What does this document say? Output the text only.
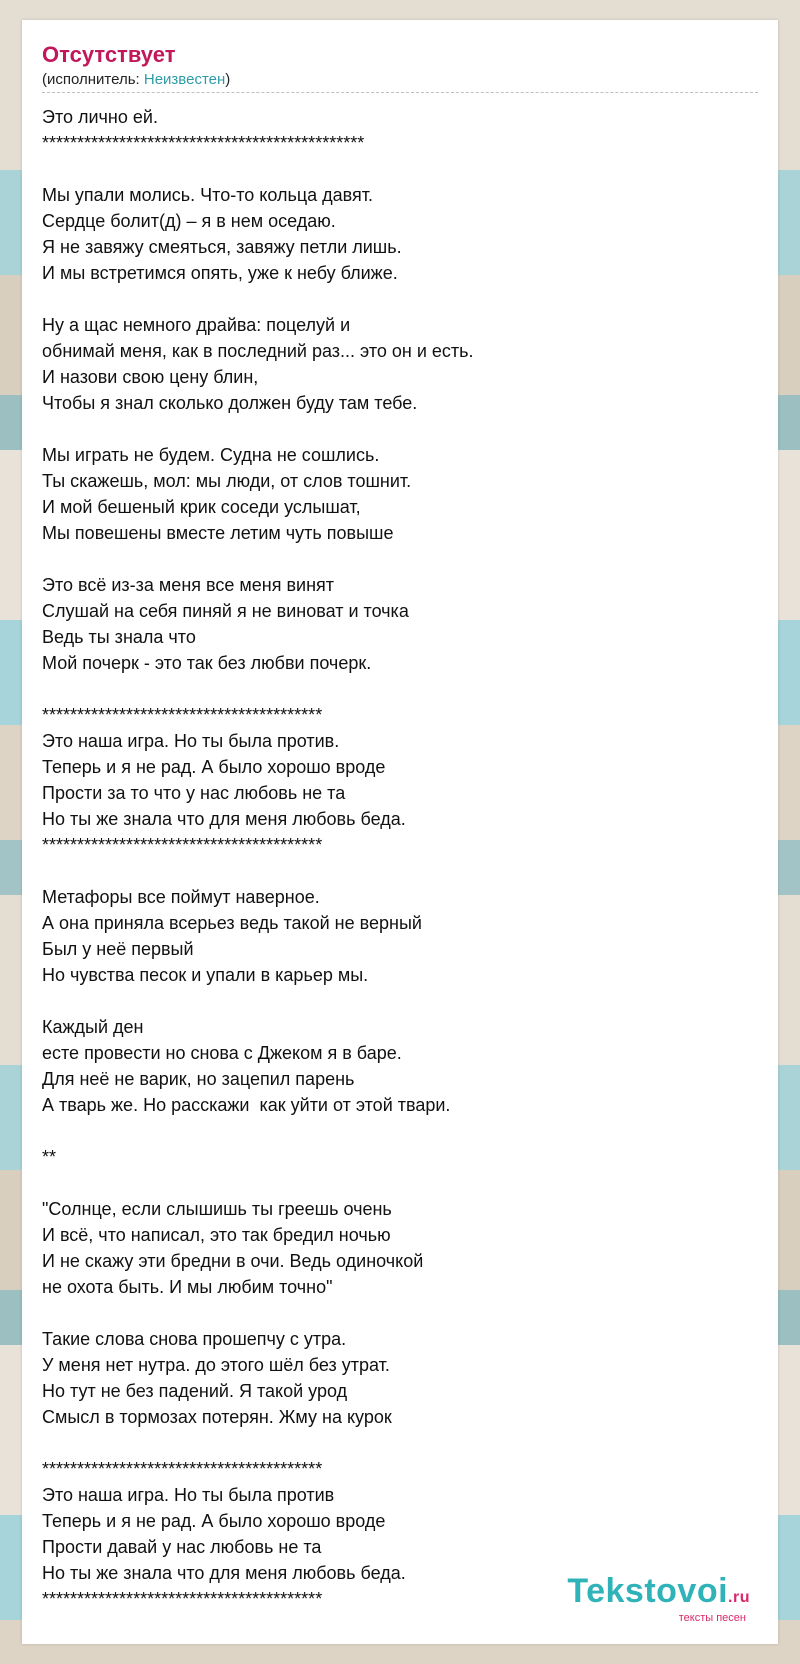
Отсутствует
(исполнитель: Неизвестен)
Это лично ей.
**********************************************
Мы упали молись. Что-то кольца давят.
Сердце болит(д) – я в нем оседаю.
Я не завяжу смеяться, завяжу петли лишь.
И мы встретимся опять, уже к небу ближе.
Ну а щас немного драйва: поцелуй и
обнимай меня, как в последний раз... это он и есть.
И назови свою цену блин,
Чтобы я знал сколько должен буду там тебе.
Мы играть не будем. Судна не сошлись.
Ты скажешь, мол: мы люди, от слов тошнит.
И мой бешеный крик соседи услышат,
Мы повешены вместе летим чуть повыше
Это всё из-за меня все меня винят
Слушай на себя пиняй я не виноват и точка
Ведь ты знала что
Мой почерк - это так без любви почерк.
****************************************
Это наша игра. Но ты была против.
Теперь и я не рад. А было хорошо вроде
Прости за то что у нас любовь не та
Но ты же знала что для меня любовь беда.
****************************************
Метафоры все поймут наверное.
А она приняла всерьез ведь такой не верный
Был у неё первый
Но чувства песок и упали в карьер мы.
Каждый ден
есте провести но снова с Джеком я в баре.
Для неё не варик, но зацепил парень
А тварь же. Но расскажи  как уйти от этой твари.
**
"Солнце, если слышишь ты греешь очень
И всё, что написал, это так бредил ночью
И не скажу эти бредни в очи. Ведь одиночкой
не охота быть. И мы любим точно"
Такие слова снова прошепчу с утра.
У меня нет нутра. до этого шёл без утрат.
Но тут не без падений. Я такой урод
Смысл в тормозах потерян. Жму на курок
****************************************
Это наша игра. Но ты была против
Теперь и я не рад. А было хорошо вроде
Прости давай у нас любовь не та
Но ты же знала что для меня любовь беда.
****************************************	Tekstovoi.ru
тексты песен
